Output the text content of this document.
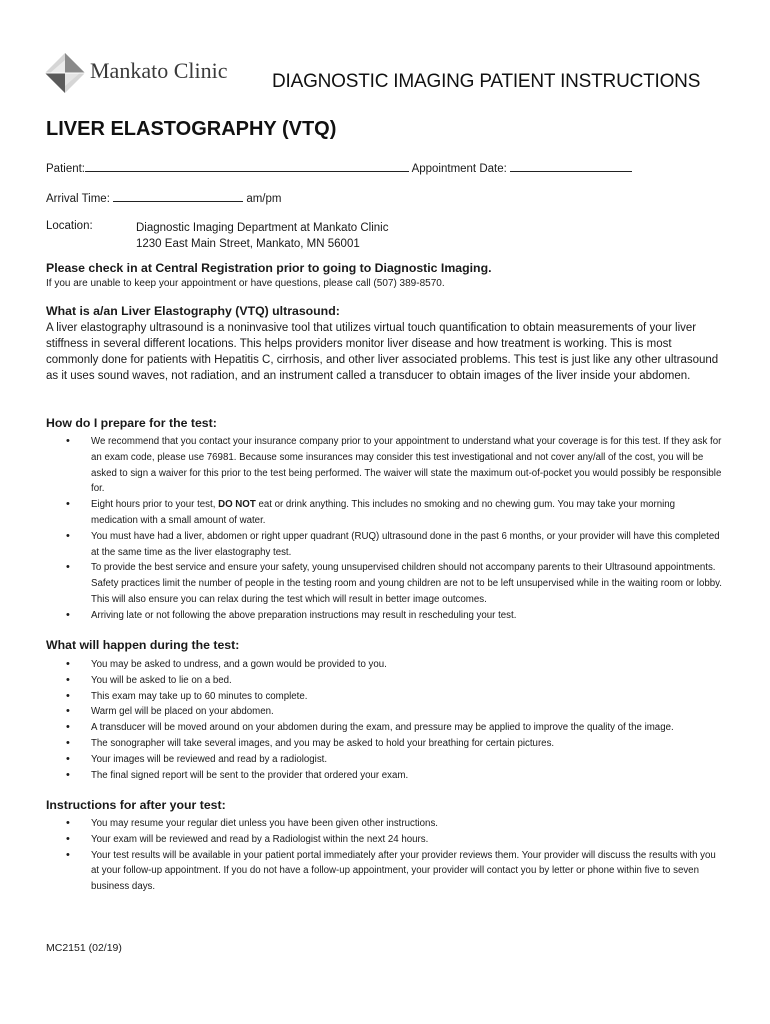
Mankato Clinic DIAGNOSTIC IMAGING PATIENT INSTRUCTIONS
LIVER ELASTOGRAPHY (VTQ)
Patient:	Appointment Date:
Arrival Time:	am/pm
Location:	Diagnostic Imaging Department at Mankato Clinic
1230 East Main Street, Mankato, MN 56001
Please check in at Central Registration prior to going to Diagnostic Imaging.
If you are unable to keep your appointment or have questions, please call (507) 389-8570.
What is a/an Liver Elastography (VTQ) ultrasound:
A liver elastography ultrasound is a noninvasive tool that utilizes virtual touch quantification to obtain measurements of your liver stiffness in several different locations. This helps providers monitor liver disease and how treatment is working. This is most commonly done for patients with Hepatitis C, cirrhosis, and other liver associated problems. This test is just like any other ultrasound as it uses sound waves, not radiation, and an instrument called a transducer to obtain images of the liver inside your abdomen.
How do I prepare for the test:
• We recommend that you contact your insurance company prior to your appointment to understand what your coverage is for this test. If they ask for an exam code, please use 76981. Because some insurances may consider this test investigational and not cover any/all of the cost, you will be asked to sign a waiver for this prior to the test being performed. The waiver will state the maximum out-of-pocket you would possibly be responsible for.
• Eight hours prior to your test, DO NOT eat or drink anything. This includes no smoking and no chewing gum. You may take your morning medication with a small amount of water.
• You must have had a liver, abdomen or right upper quadrant (RUQ) ultrasound done in the past 6 months, or your provider will have this completed at the same time as the liver elastography test.
• To provide the best service and ensure your safety, young unsupervised children should not accompany parents to their Ultrasound appointments. Safety practices limit the number of people in the testing room and young children are not to be left unsupervised while in the waiting room or lobby. This will also ensure you can relax during the test which will result in better image outcomes.
• Arriving late or not following the above preparation instructions may result in rescheduling your test.
What will happen during the test:
• You may be asked to undress, and a gown would be provided to you.
• You will be asked to lie on a bed.
• This exam may take up to 60 minutes to complete.
• Warm gel will be placed on your abdomen.
• A transducer will be moved around on your abdomen during the exam, and pressure may be applied to improve the quality of the image.
• The sonographer will take several images, and you may be asked to hold your breathing for certain pictures.
• Your images will be reviewed and read by a radiologist.
• The final signed report will be sent to the provider that ordered your exam.
Instructions for after your test:
• You may resume your regular diet unless you have been given other instructions.
• Your exam will be reviewed and read by a Radiologist within the next 24 hours.
• Your test results will be available in your patient portal immediately after your provider reviews them. Your provider will discuss the results with you at your follow-up appointment. If you do not have a follow-up appointment, your provider will contact you by letter or phone within five to seven business days.
MC2151 (02/19)
